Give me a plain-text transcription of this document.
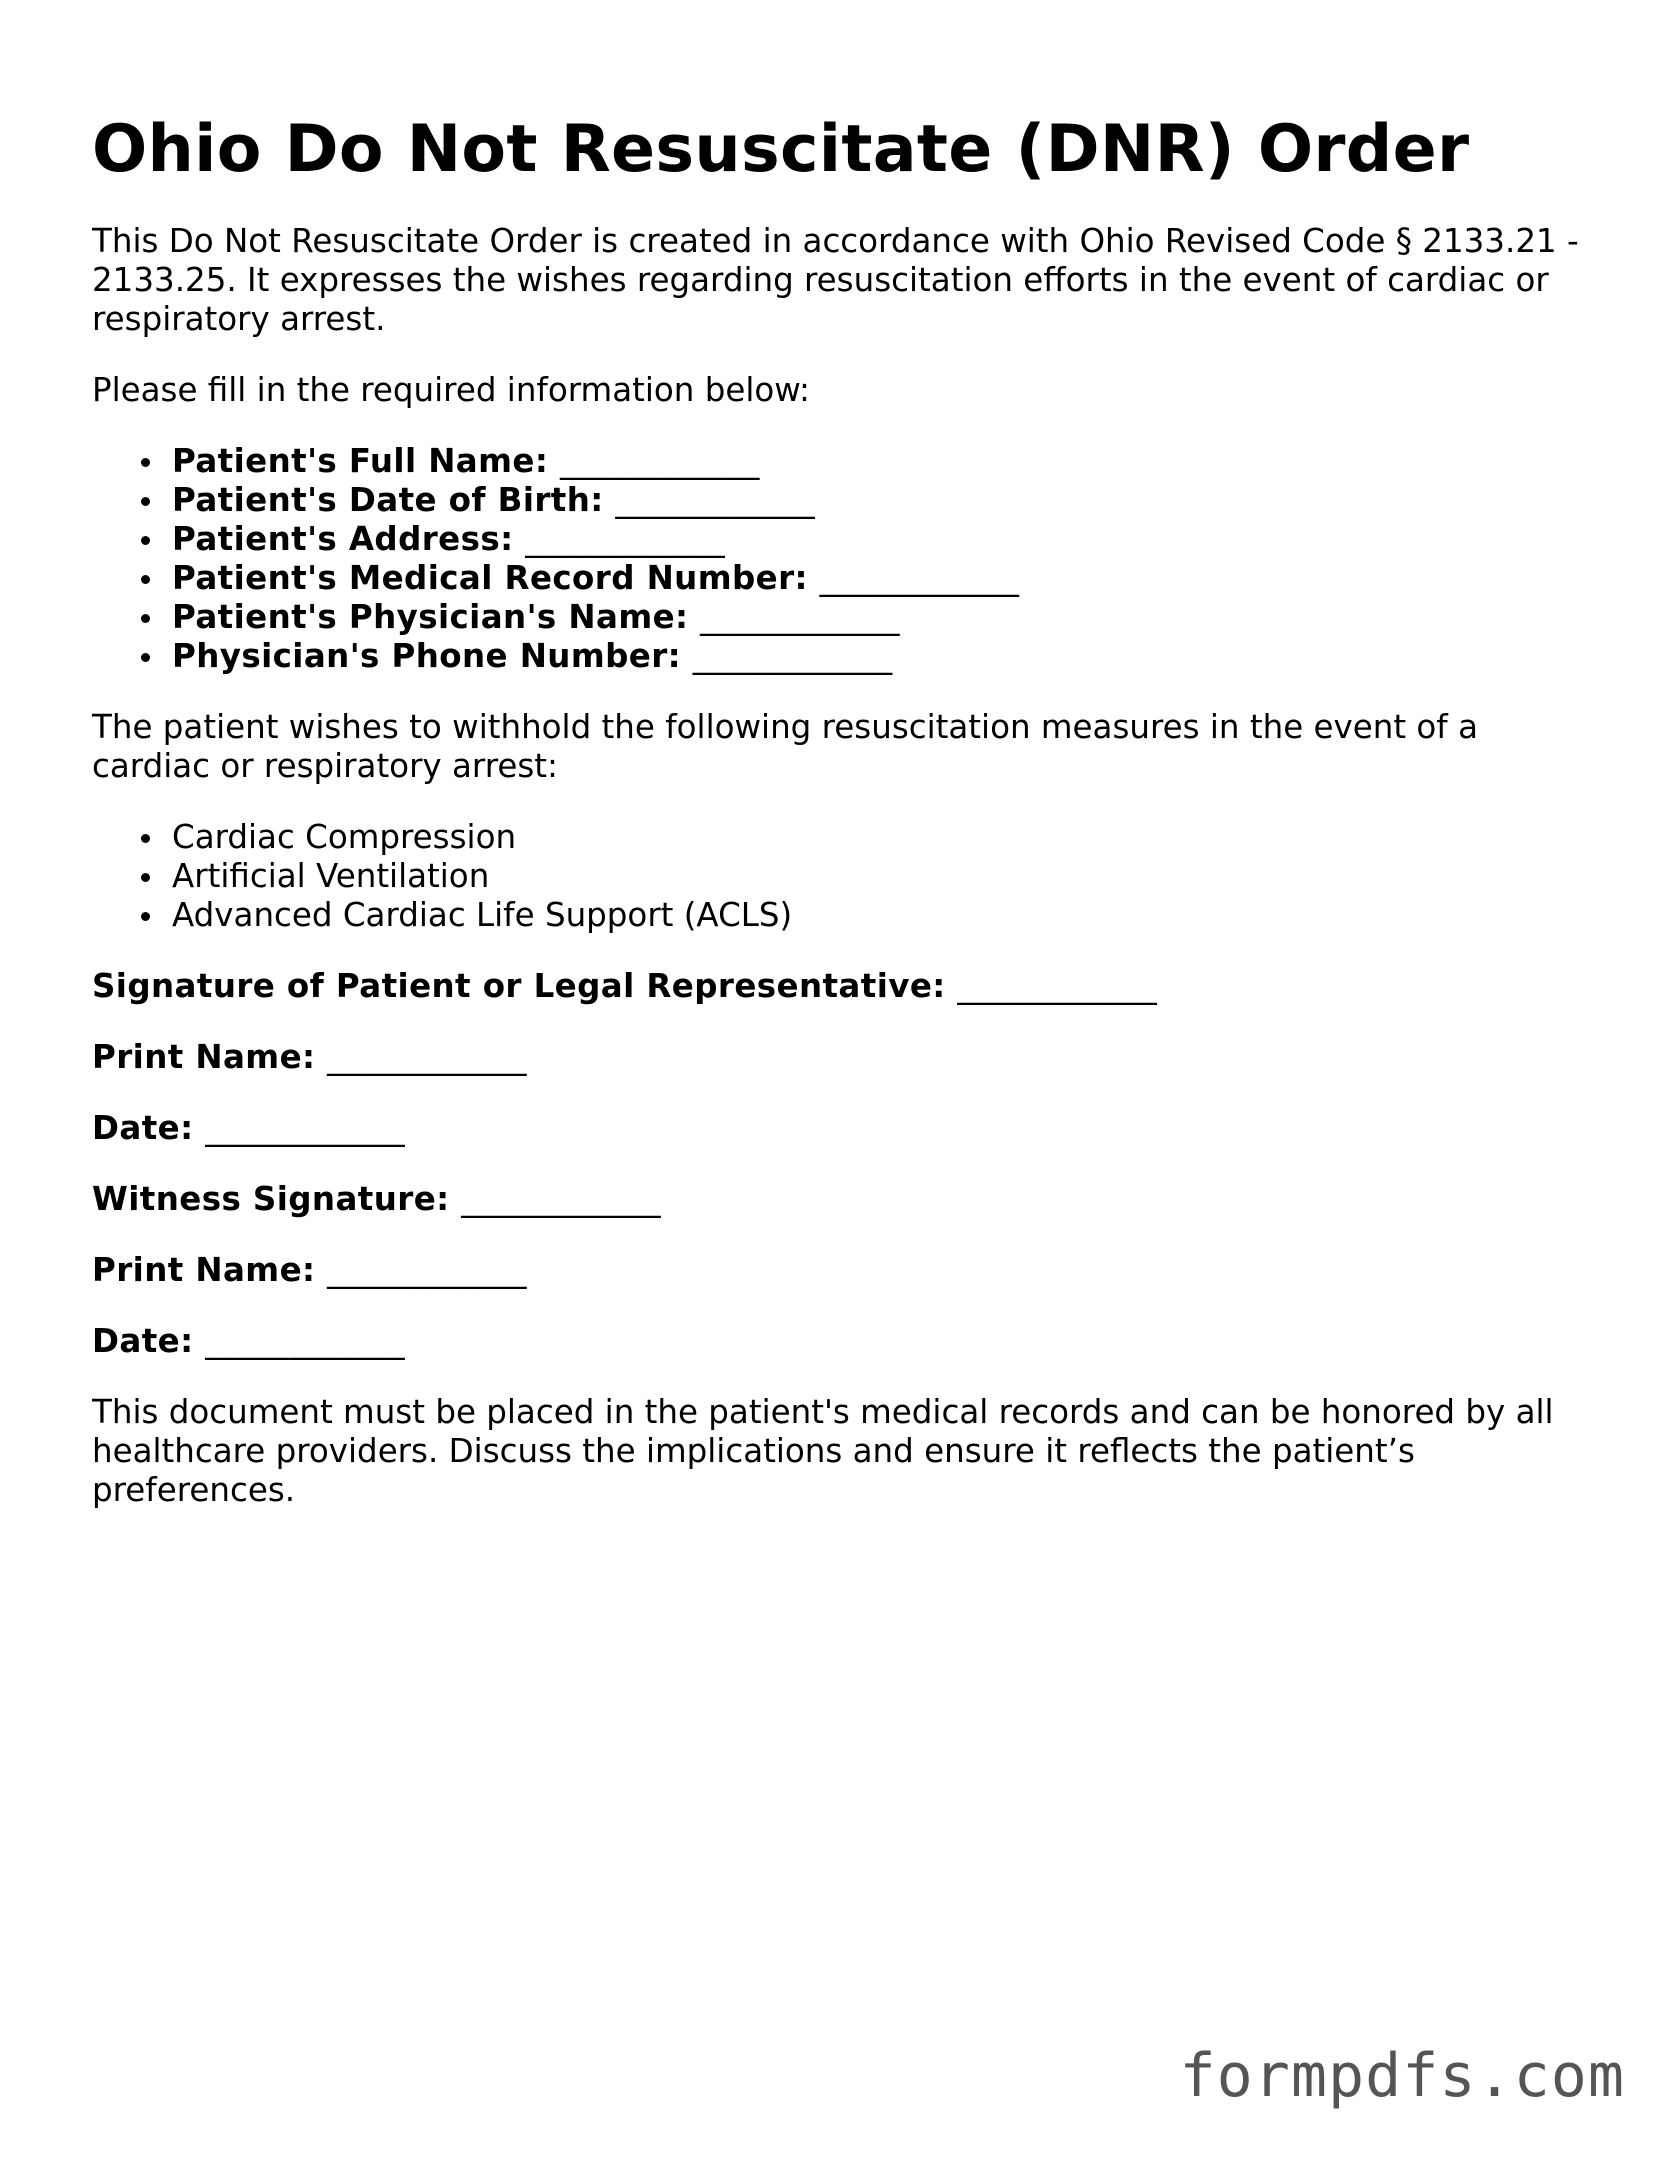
Ohio Do Not Resuscitate (DNR) Order

This Do Not Resuscitate Order is created in accordance with Ohio Revised Code § 2133.21 - 2133.25. It expresses the wishes regarding resuscitation efforts in the event of cardiac or respiratory arrest.

Please fill in the required information below:

Patient's Full Name: ____________
Patient's Date of Birth: ____________
Patient's Address: ____________
Patient's Medical Record Number: ____________
Patient's Physician's Name: ____________
Physician's Phone Number: ____________

The patient wishes to withhold the following resuscitation measures in the event of a cardiac or respiratory arrest:

Cardiac Compression
Artificial Ventilation
Advanced Cardiac Life Support (ACLS)

Signature of Patient or Legal Representative: ____________

Print Name: ____________

Date: ____________

Witness Signature: ____________

Print Name: ____________

Date: ____________

This document must be placed in the patient's medical records and can be honored by all healthcare providers. Discuss the implications and ensure it reflects the patient’s preferences.

formpdfs.com
